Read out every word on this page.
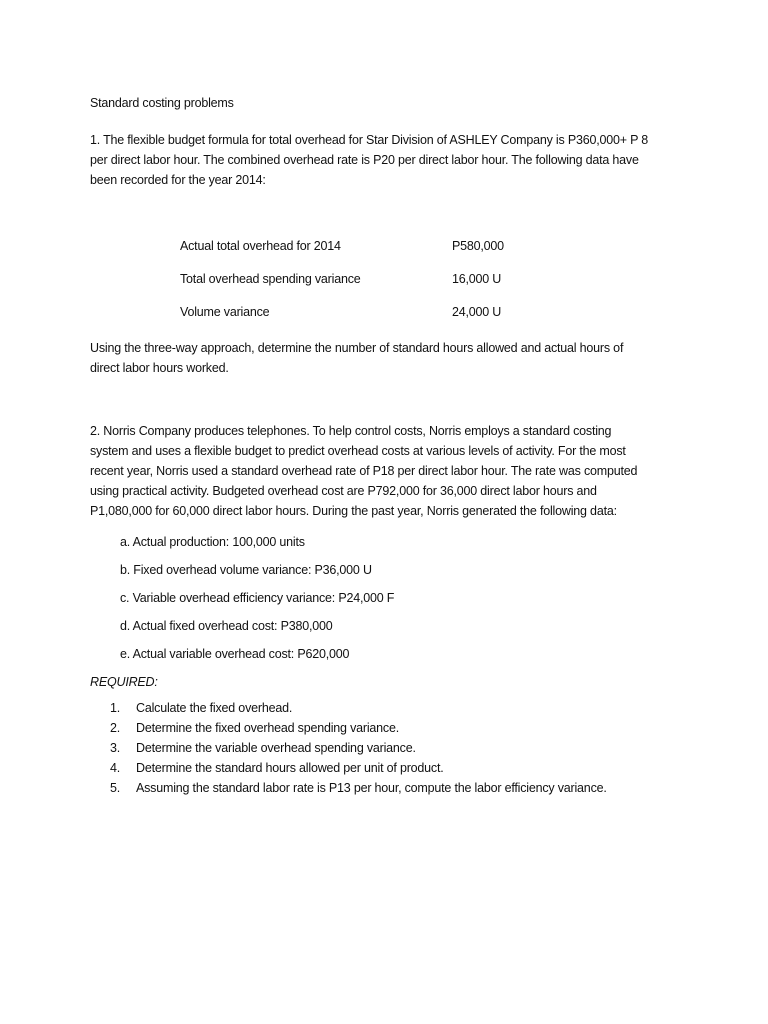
Standard costing problems

1. The flexible budget formula for total overhead for Star Division of ASHLEY Company is P360,000+ P 8

per direct labor hour. The combined overhead rate is P20 per direct labor hour. The following data have

been recorded for the year 2014:

Actual total overhead for 2014	P580,000
Total overhead spending variance	16,000 U
Volume variance	24,000 U

Using the three-way approach, determine the number of standard hours allowed and actual hours of

direct labor hours worked.

2. Norris Company produces telephones. To help control costs, Norris employs a standard costing

system and uses a flexible budget to predict overhead costs at various levels of activity. For the most

recent year, Norris used a standard overhead rate of P18 per direct labor hour. The rate was computed

using practical activity. Budgeted overhead cost are P792,000 for 36,000 direct labor hours and

P1,080,000 for 60,000 direct labor hours. During the past year, Norris generated the following data:

a. Actual production: 100,000 units
b. Fixed overhead volume variance: P36,000 U
c. Variable overhead efficiency variance: P24,000 F
d. Actual fixed overhead cost: P380,000
e. Actual variable overhead cost: P620,000
REQUIRED:
1.	Calculate the fixed overhead.
2.	Determine the fixed overhead spending variance.
3.	Determine the variable overhead spending variance.
4.	Determine the standard hours allowed per unit of product.
5.	Assuming the standard labor rate is P13 per hour, compute the labor efficiency variance.
